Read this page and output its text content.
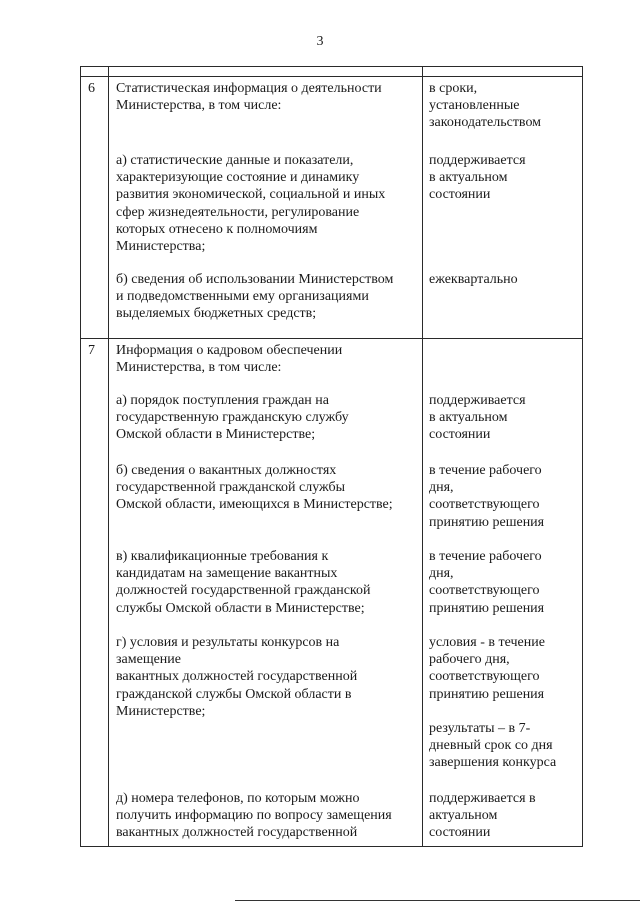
3
6 Статистическая информация о деятельности
Министерства, в том числе:
в сроки,
установленные
законодательством
а) статистические данные и показатели,
характеризующие состояние и динамику
развития экономической, социальной и иных
сфер жизнедеятельности, регулирование
которых отнесено к полномочиям
Министерства;
поддерживается
в актуальном
состоянии
б) сведения об использовании Министерством
и подведомственными ему организациями
выделяемых бюджетных средств;
ежеквартально
7 Информация о кадровом обеспечении
Министерства, в том числе:
а) порядок поступления граждан на
государственную гражданскую службу
Омской области в Министерстве;
поддерживается
в актуальном
состоянии
б) сведения о вакантных должностях
государственной гражданской службы
Омской области, имеющихся в Министерстве;
в течение рабочего
дня,
соответствующего
принятию решения
в) квалификационные требования к
кандидатам на замещение вакантных
должностей государственной гражданской
службы Омской области в Министерстве;
в течение рабочего
дня,
соответствующего
принятию решения
г) условия и результаты конкурсов на
замещение
вакантных должностей государственной
гражданской службы Омской области в
Министерстве;
условия - в течение
рабочего дня,
соответствующего
принятию решения
результаты – в 7-
дневный срок со дня
завершения конкурса
д) номера телефонов, по которым можно
получить информацию по вопросу замещения
вакантных должностей государственной
поддерживается в
актуальном
состоянии
